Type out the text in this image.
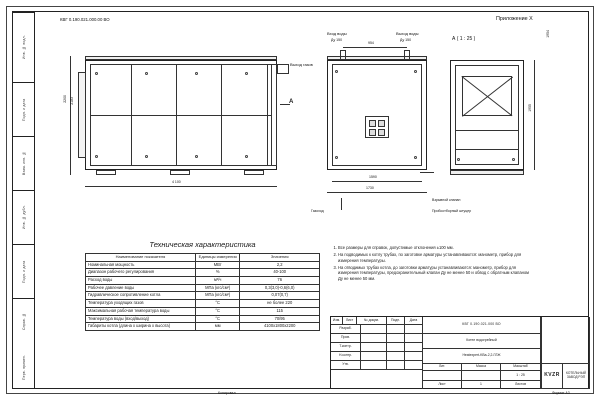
Инв. № подл.
Подп. и дата
Взам. инв. №
Инв. № дубл.
Подп. и дата
Справ. №
Перв. примен.
КВГ 0.190.021.000.00 ВО	Приложение X
2200 2183
4 100
Выход газов
А
Вход воды
Ду 150
Выход воды
Ду 150
954
1590
1730
Газоход
Взрывной клапан
Пробоотборный штуцер
А ( 1 : 25 )
1955
1954
Техническая характеристика
Наименование показателя	Единицы измерения	Значения
Номинальная мощность	МВт	2,2
Диапазон рабочего регулирования	%	40-100
Расход воды	м³/ч	76
Рабочее давление воды	МПа (кгс/см²)	0,3(3,0)-0,6(6,0)
Гидравлическое сопротивление котла	МПа (кгс/см²)	0,07(0,7)
Температура уходящих газов	°C	не более 220
Максимальная рабочая температура воды	°C	115
Температура воды (вход/выход)	°C	70/95
Габариты котла (длина х ширина х высота)	мм	4100х1800х2200
1. Все размеры для справок, допустимые отклонения ±100 мм.
2. На подводимых к котлу трубах, по заготовке арматуры устанавливаются: манометр, прибор для измерения температуры.
3. На отводимых трубах котла, до заготовки арматуры устанавливаются: манометр, прибор для измерения температуры, предохранительный клапан Ду не менее 50 и обвод с обратным клапаном Ду не менее 50 мм.
Изм.	Лист	№ докум.	Подп.	Дата
Разраб.
Пров.
Т.контр.
Н.контр.
Утв.
КВГ 0.190.021.000 ВО
Котел водогрейный
Heatexpert-KBa-2,2-ГЛЖ
Лит.	Масса	Масштаб
1 : 25
Лист	1	Листов
KVZR КОТЕЛЬНЫЙ
ЗАВОД РЭП
Копировал	Формат A3
